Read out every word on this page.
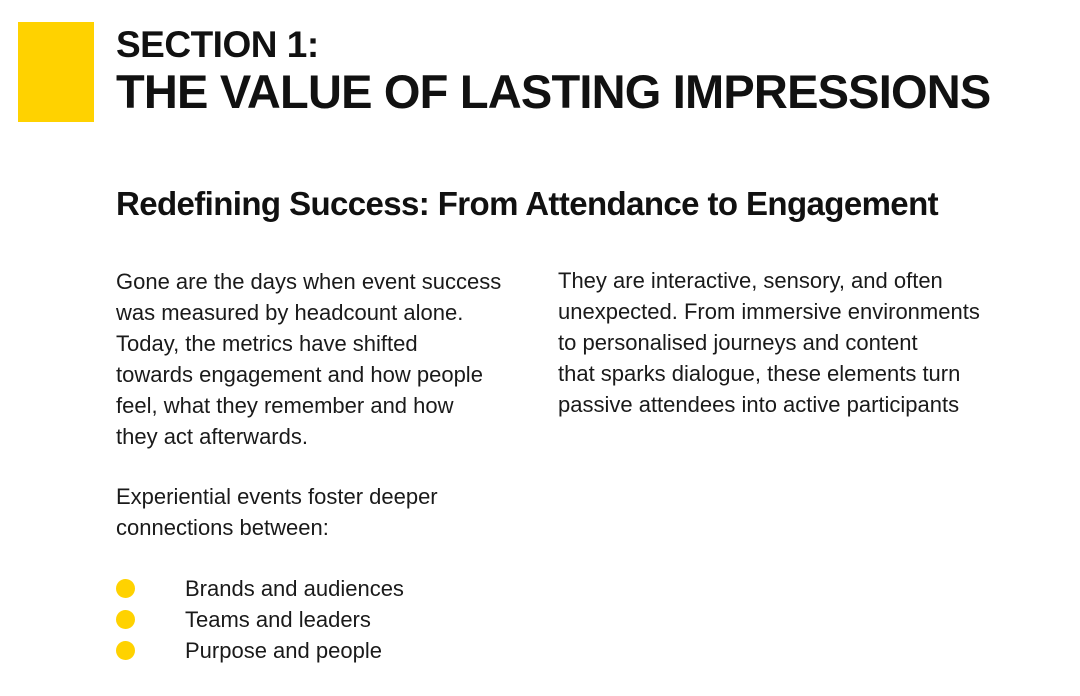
SECTION 1:
THE VALUE OF LASTING IMPRESSIONS
Redefining Success: From Attendance to Engagement

Gone are the days when event success
was measured by headcount alone.
Today, the metrics have shifted
towards engagement and how people
feel, what they remember and how
they act afterwards.

Experiential events foster deeper
connections between:

Brands and audiences
Teams and leaders
Purpose and people

They are interactive, sensory, and often
unexpected. From immersive environments
to personalised journeys and content
that sparks dialogue, these elements turn
passive attendees into active participants
